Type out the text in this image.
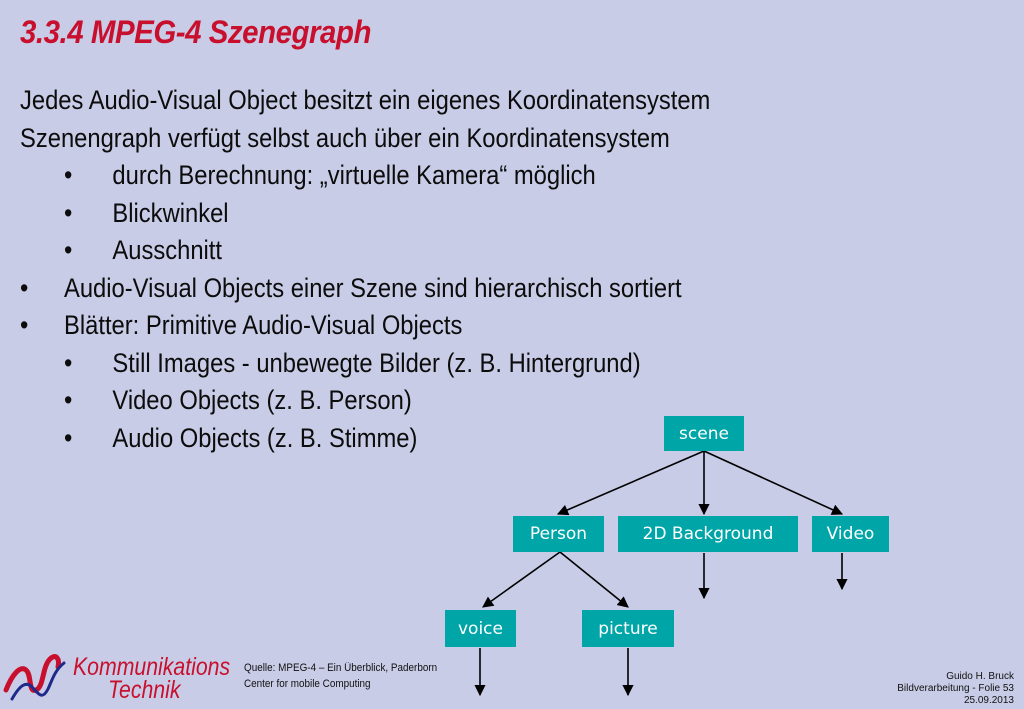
3.3.4 MPEG-4 Szenegraph
Jedes Audio-Visual Object besitzt ein eigenes Koordinatensystem
Szenengraph verfügt selbst auch über ein Koordinatensystem
• durch Berechnung: „virtuelle Kamera“ möglich
• Blickwinkel
• Ausschnitt
• Audio-Visual Objects einer Szene sind hierarchisch sortiert
• Blätter: Primitive Audio-Visual Objects
• Still Images - unbewegte Bilder (z. B. Hintergrund)
• Video Objects (z. B. Person)
• Audio Objects (z. B. Stimme)	scene
Person	2D Background	Video
voice	picture
Kommunikations
Technik
Quelle: MPEG-4 – Ein Überblick, Paderborn
Center for mobile Computing
Guido H. Bruck
Bildverarbeitung - Folie 53
25.09.2013
